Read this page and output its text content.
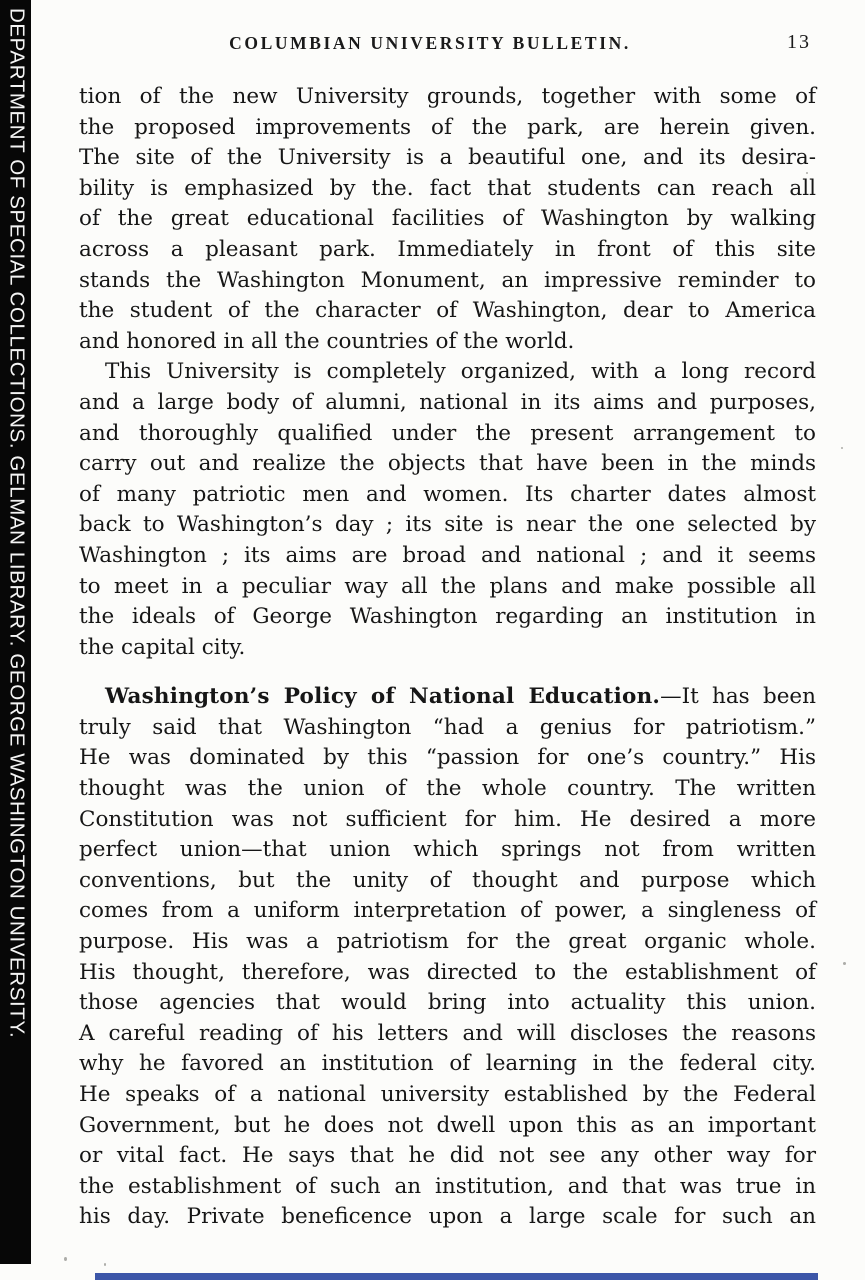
DEPARTMENT OF SPECIAL COLLECTIONS. GELMAN LIBRARY. GEORGE WASHINGTON UNIVERSITY.	COLUMBIAN UNIVERSITY BULLETIN.	13
tion of the new University grounds, together with some of
the proposed improvements of the park, are herein given.
The site of the University is a beautiful one, and its desira-
bility is emphasized by the. fact that students can reach all
of the great educational facilities of Washington by walking
across a pleasant park. Immediately in front of this site
stands the Washington Monument, an impressive reminder to
the student of the character of Washington, dear to America
and honored in all the countries of the world.
This University is completely organized, with a long record
and a large body of alumni, national in its aims and purposes,
and thoroughly qualified under the present arrangement to
carry out and realize the objects that have been in the minds
of many patriotic men and women. Its charter dates almost
back to Washington’s day ; its site is near the one selected by
Washington ; its aims are broad and national ; and it seems
to meet in a peculiar way all the plans and make possible all
the ideals of George Washington regarding an institution in
the capital city.
Washington’s Policy of National Education.—It has been
truly said that Washington “had a genius for patriotism.”
He was dominated by this “passion for one’s country.” His
thought was the union of the whole country. The written
Constitution was not sufficient for him. He desired a more
perfect union—that union which springs not from written
conventions, but the unity of thought and purpose which
comes from a uniform interpretation of power, a singleness of
purpose. His was a patriotism for the great organic whole.
His thought, therefore, was directed to the establishment of
those agencies that would bring into actuality this union.
A careful reading of his letters and will discloses the reasons
why he favored an institution of learning in the federal city.
He speaks of a national university established by the Federal
Government, but he does not dwell upon this as an important
or vital fact. He says that he did not see any other way for
the establishment of such an institution, and that was true in
his day. Private beneficence upon a large scale for such an
